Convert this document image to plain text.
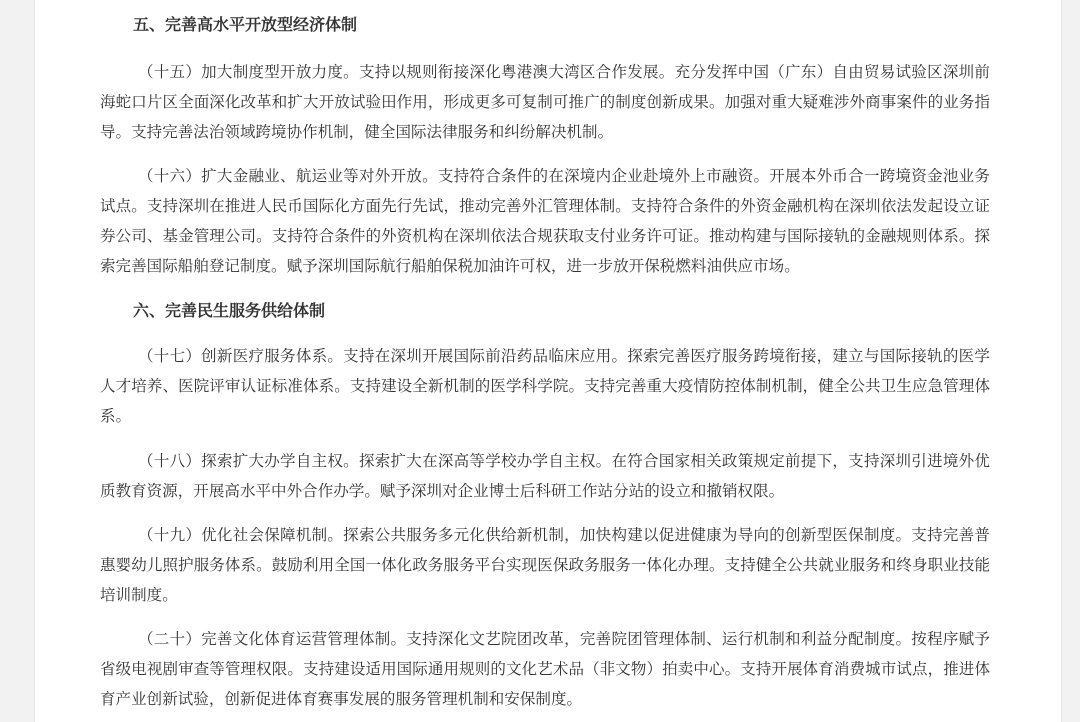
五、完善高水平开放型经济体制

（十五）加大制度型开放力度。支持以规则衔接深化粤港澳大湾区合作发展。充分发挥中国（广东）自由贸易试验区深圳前海蛇口片区全面深化改革和扩大开放试验田作用，形成更多可复制可推广的制度创新成果。加强对重大疑难涉外商事案件的业务指导。支持完善法治领域跨境协作机制，健全国际法律服务和纠纷解决机制。

（十六）扩大金融业、航运业等对外开放。支持符合条件的在深境内企业赴境外上市融资。开展本外币合一跨境资金池业务试点。支持深圳在推进人民币国际化方面先行先试，推动完善外汇管理体制。支持符合条件的外资金融机构在深圳依法发起设立证券公司、基金管理公司。支持符合条件的外资机构在深圳依法合规获取支付业务许可证。推动构建与国际接轨的金融规则体系。探索完善国际船舶登记制度。赋予深圳国际航行船舶保税加油许可权，进一步放开保税燃料油供应市场。

六、完善民生服务供给体制

（十七）创新医疗服务体系。支持在深圳开展国际前沿药品临床应用。探索完善医疗服务跨境衔接，建立与国际接轨的医学人才培养、医院评审认证标准体系。支持建设全新机制的医学科学院。支持完善重大疫情防控体制机制，健全公共卫生应急管理体系。

（十八）探索扩大办学自主权。探索扩大在深高等学校办学自主权。在符合国家相关政策规定前提下，支持深圳引进境外优质教育资源，开展高水平中外合作办学。赋予深圳对企业博士后科研工作站分站的设立和撤销权限。

（十九）优化社会保障机制。探索公共服务多元化供给新机制，加快构建以促进健康为导向的创新型医保制度。支持完善普惠婴幼儿照护服务体系。鼓励利用全国一体化政务服务平台实现医保政务服务一体化办理。支持健全公共就业服务和终身职业技能培训制度。

（二十）完善文化体育运营管理体制。支持深化文艺院团改革，完善院团管理体制、运行机制和利益分配制度。按程序赋予省级电视剧审查等管理权限。支持建设适用国际通用规则的文化艺术品（非文物）拍卖中心。支持开展体育消费城市试点，推进体育产业创新试验，创新促进体育赛事发展的服务管理机制和安保制度。
